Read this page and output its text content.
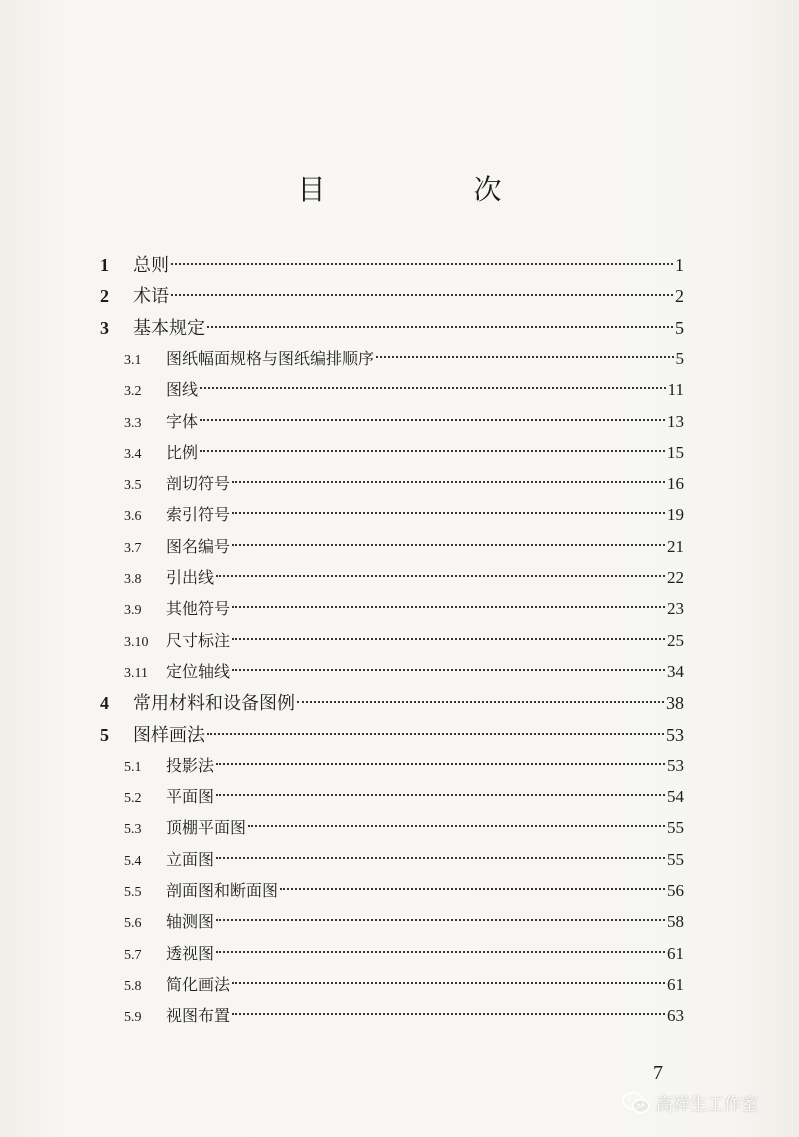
目　次
1	总则	1
2	术语	2
3	基本规定	5
3.1	图纸幅面规格与图纸编排顺序	5
3.2	图线	11
3.3	字体	13
3.4	比例	15
3.5	剖切符号	16
3.6	索引符号	19
3.7	图名编号	21
3.8	引出线	22
3.9	其他符号	23
3.10	尺寸标注	25
3.11	定位轴线	34
4	常用材料和设备图例	38
5	图样画法	53
5.1	投影法	53
5.2	平面图	54
5.3	顶棚平面图	55
5.4	立面图	55
5.5	剖面图和断面图	56
5.6	轴测图	58
5.7	透视图	61
5.8	简化画法	61
5.9	视图布置	63
7
高祥生工作室
